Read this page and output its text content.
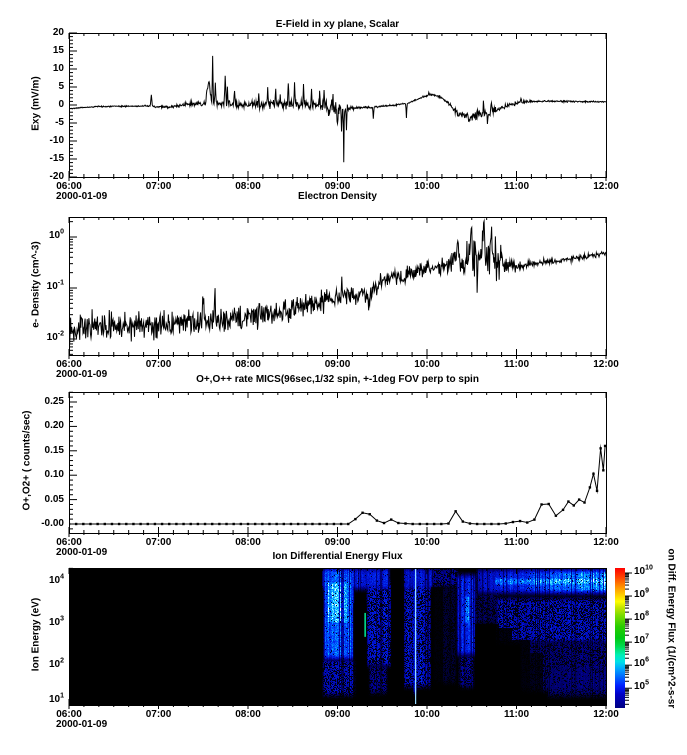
E-Field in xy plane, Scalar
Electron Density
O+,O++ rate MICS(96sec,1/32 spin, +-1deg FOV perp to spin
Ion Differential Energy Flux
Exy (mV/m)
e- Density (cm^-3)
O+,O2+ ( counts/sec)
Ion Energy (eV)	on Diff. Energy Flux (1/(cm^2-s-sr
06:00	07:00	08:00	09:00	10:00	11:00	12:00
2000-01-09
06:00	07:00	08:00	09:00	10:00	11:00	12:00
2000-01-09
06:00	07:00	08:00	09:00	10:00	11:00	12:00
2000-01-09
06:00	07:00	08:00	09:00	10:00	11:00	12:00
2000-01-09
20
15
10
5
0
-5
-10
-15
-20
$10^0$
$10^{-1}$
$10^{-2}$
0.25
0.20
0.15
0.10
0.05
-0.00
$10^4$
$10^3$
$10^2$
$10^1$
$10^{10}$
$10^9$
$10^8$
$10^7$
$10^6$
$10^5$
